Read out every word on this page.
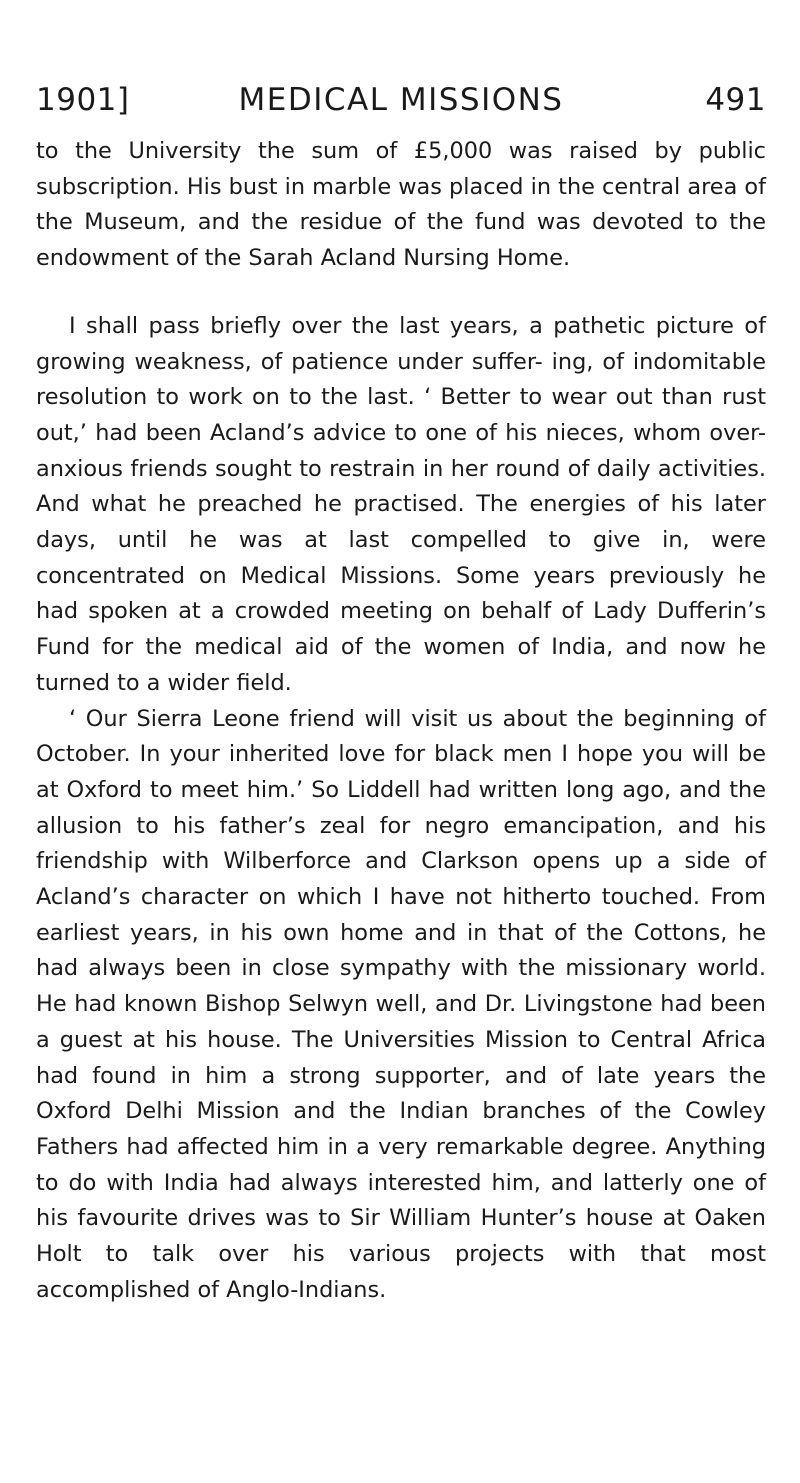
1901]	MEDICAL MISSIONS	491

to the University the sum of £5,000 was raised by public subscription. His bust in marble was placed in the central area of the Museum, and the residue of the fund was devoted to the endowment of the Sarah Acland Nursing Home.

I shall pass briefly over the last years, a pathetic picture of growing weakness, of patience under suffer- ing, of indomitable resolution to work on to the last. ‘ Better to wear out than rust out,’ had been Acland’s advice to one of his nieces, whom over-anxious friends sought to restrain in her round of daily activities. And what he preached he practised. The energies of his later days, until he was at last compelled to give in, were concentrated on Medical Missions. Some years previously he had spoken at a crowded meeting on behalf of Lady Dufferin’s Fund for the medical aid of the women of India, and now he turned to a wider field.

‘ Our Sierra Leone friend will visit us about the beginning of October. In your inherited love for black men I hope you will be at Oxford to meet him.’ So Liddell had written long ago, and the allusion to his father’s zeal for negro emancipation, and his friendship with Wilberforce and Clarkson opens up a side of Acland’s character on which I have not hitherto touched. From earliest years, in his own home and in that of the Cottons, he had always been in close sympathy with the missionary world. He had known Bishop Selwyn well, and Dr. Livingstone had been a guest at his house. The Universities Mission to Central Africa had found in him a strong supporter, and of late years the Oxford Delhi Mission and the Indian branches of the Cowley Fathers had affected him in a very remarkable degree. Anything to do with India had always interested him, and latterly one of his favourite drives was to Sir William Hunter’s house at Oaken Holt to talk over his various projects with that most accomplished of Anglo-Indians.
